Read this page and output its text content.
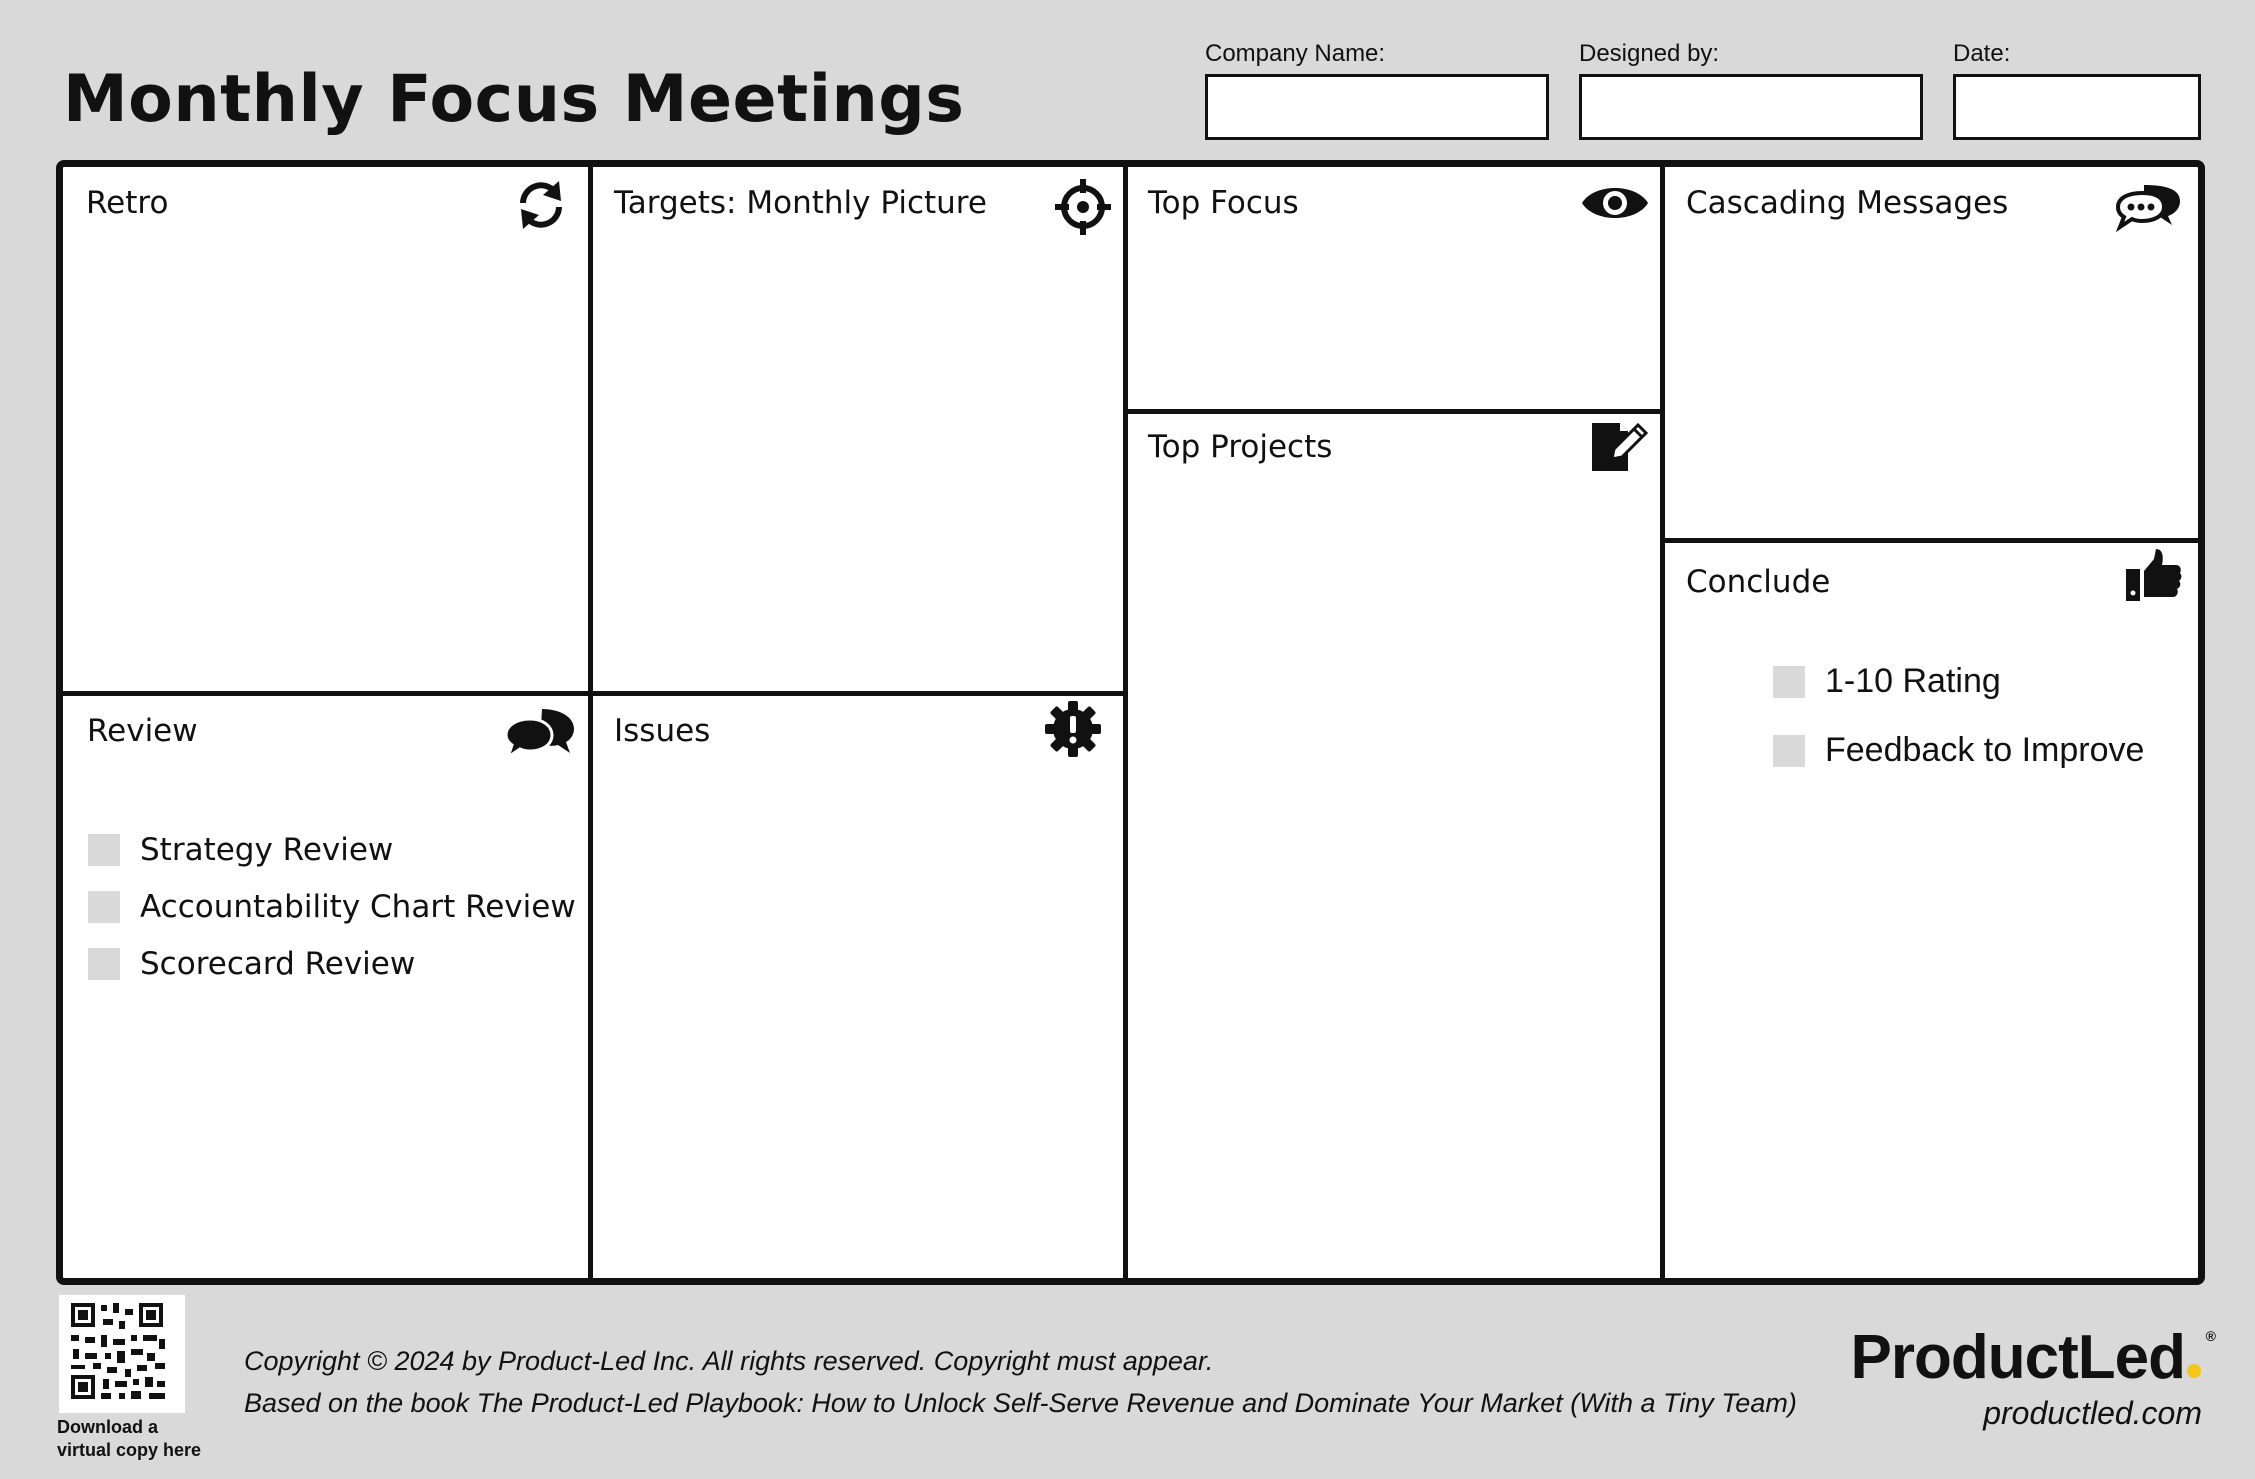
Monthly Focus Meetings
Company Name:	Designed by:	Date:
Retro	Targets: Monthly Picture	Top Focus	Cascading Messages
Top Projects
Conclude
1-10 Rating
Feedback to Improve
Review
Strategy Review
Accountability Chart Review
Scorecard Review
Issues
Download a
virtual copy here
Copyright © 2024 by Product-Led Inc. All rights reserved. Copyright must appear.
Based on the book The Product-Led Playbook: How to Unlock Self-Serve Revenue and Dominate Your Market (With a Tiny Team)
ProductLed ®
productled.com
